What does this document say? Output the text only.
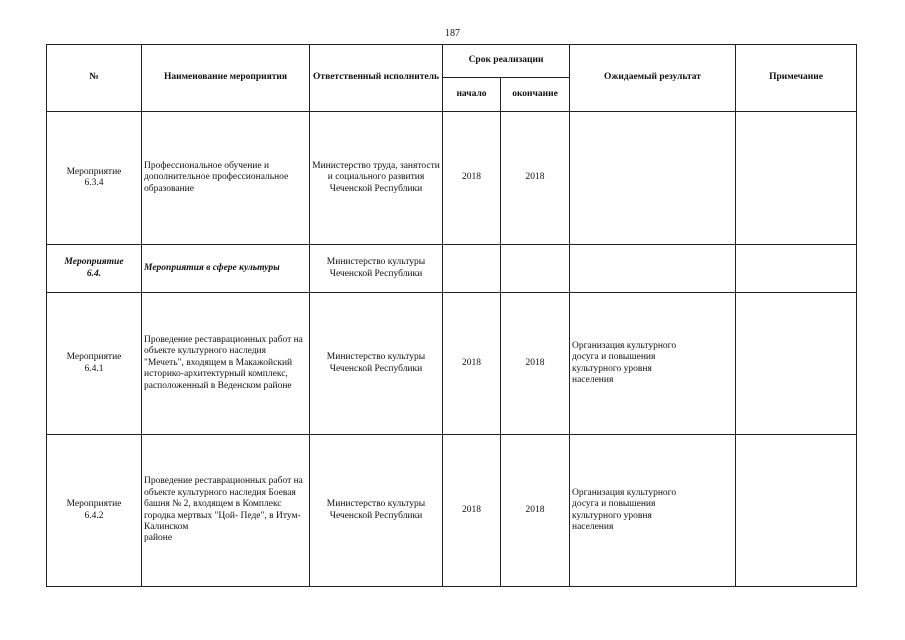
187
№	Наименование мероприятия	Ответственный исполнитель	Срок реализации		Ожидаемый результат	Примечание
			начало	окончание		
Мероприятие
6.3.4	Профессиональное обучение и дополнительное профессиональное образование	Министерство труда, занятости и социального развития Чеченской Республики	2018	2018		
Мероприятие
6.4.	Мероприятия в сфере культуры	Министерство культуры Чеченской Республики				
Мероприятие
6.4.1	Проведение реставрационных работ на объекте культурного наследия "Мечеть", входящем в Макажойский историко-архитектурный комплекс, расположенный в Веденском районе	Министерство культуры Чеченской Республики	2018	2018	Организация культурного
досуга и повышения
культурного уровня
населения	
Мероприятие
6.4.2	Проведение реставрационных работ на объекте культурного наследия Боевая башня № 2, входящем в Комплекс городка мертвых "Цой- Педе", в Итум-Калинском
районе	Министерство культуры Чеченской Республики	2018	2018	Организация культурного
досуга и повышения
культурного уровня
населения	
